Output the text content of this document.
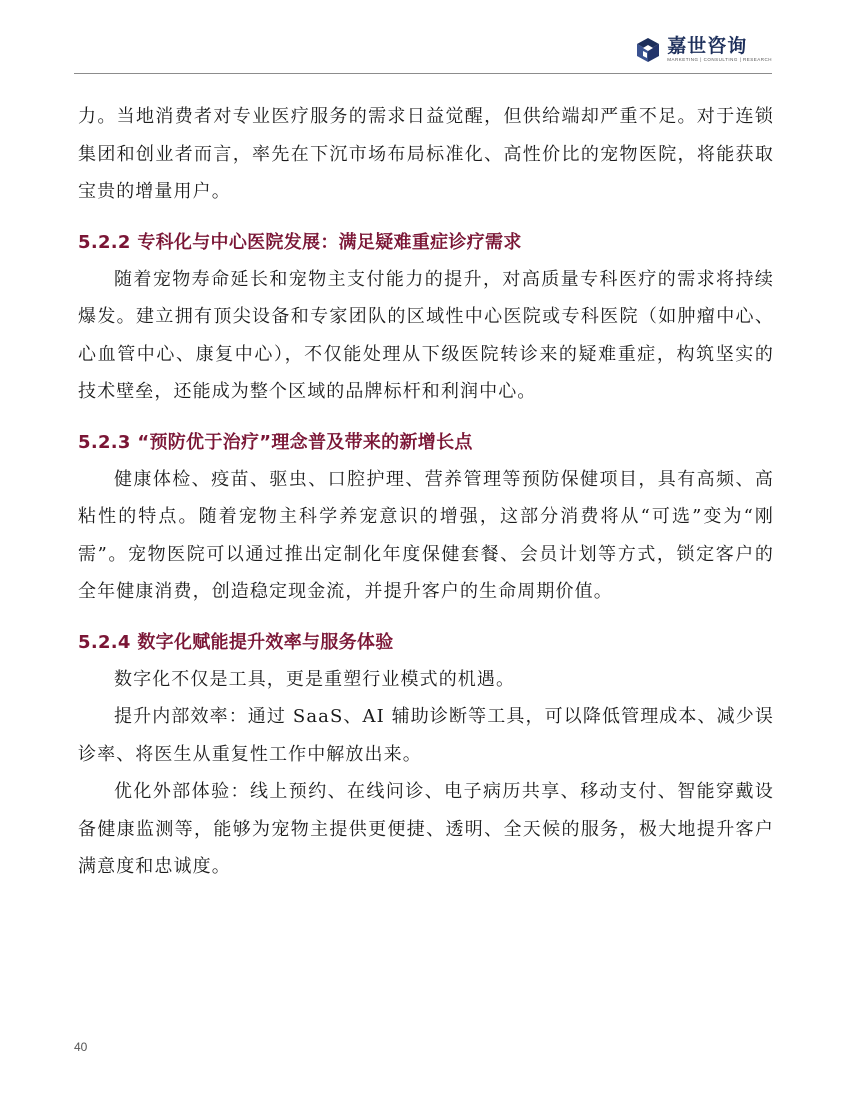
嘉世咨询
MARKETING | CONSULTING | RESEARCH

力。当地消费者对专业医疗服务的需求日益觉醒，但供给端却严重不足。对于连锁集团和创业者而言，率先在下沉市场布局标准化、高性价比的宠物医院，将能获取宝贵的增量用户。

5.2.2 专科化与中心医院发展：满足疑难重症诊疗需求

随着宠物寿命延长和宠物主支付能力的提升，对高质量专科医疗的需求将持续爆发。建立拥有顶尖设备和专家团队的区域性中心医院或专科医院（如肿瘤中心、心血管中心、康复中心），不仅能处理从下级医院转诊来的疑难重症，构筑坚实的技术壁垒，还能成为整个区域的品牌标杆和利润中心。

5.2.3 “预防优于治疗”理念普及带来的新增长点

健康体检、疫苗、驱虫、口腔护理、营养管理等预防保健项目，具有高频、高粘性的特点。随着宠物主科学养宠意识的增强，这部分消费将从“可选”变为“刚需”。宠物医院可以通过推出定制化年度保健套餐、会员计划等方式，锁定客户的全年健康消费，创造稳定现金流，并提升客户的生命周期价值。

5.2.4 数字化赋能提升效率与服务体验

数字化不仅是工具，更是重塑行业模式的机遇。

提升内部效率：通过 SaaS、AI 辅助诊断等工具，可以降低管理成本、减少误诊率、将医生从重复性工作中解放出来。

优化外部体验：线上预约、在线问诊、电子病历共享、移动支付、智能穿戴设备健康监测等，能够为宠物主提供更便捷、透明、全天候的服务，极大地提升客户满意度和忠诚度。

40
